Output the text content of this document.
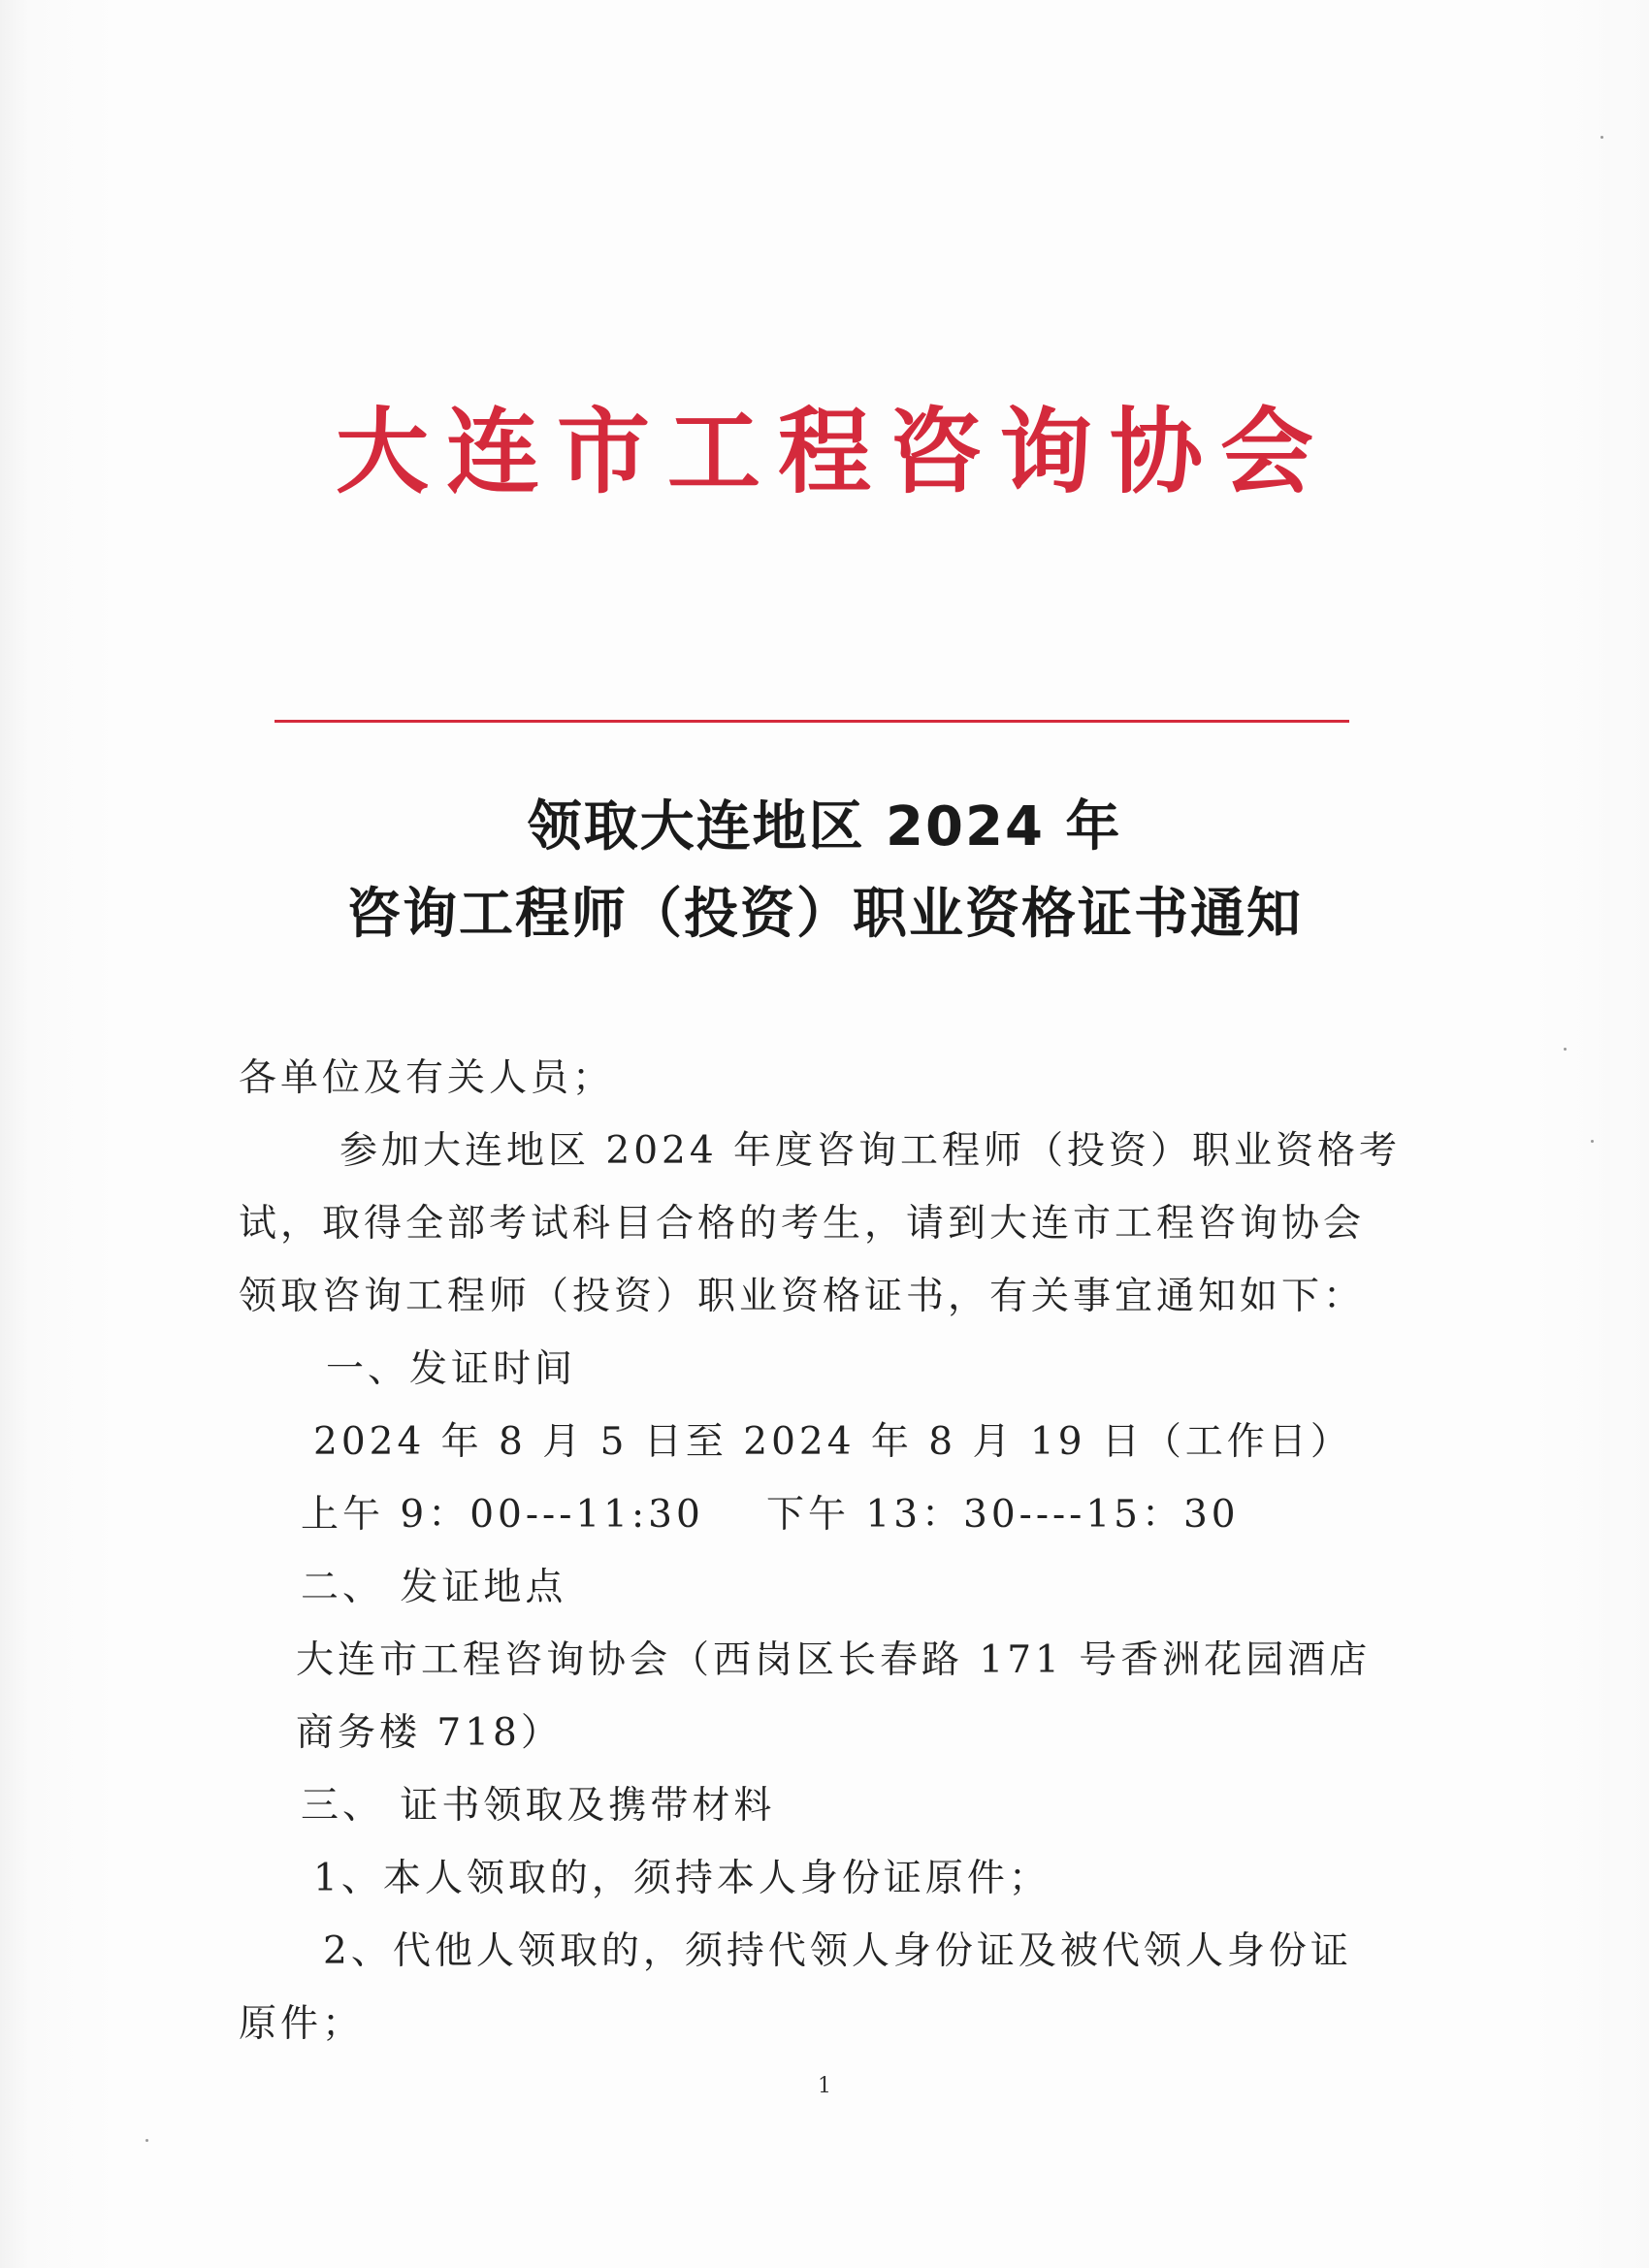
大连市工程咨询协会
领取大连地区 2024 年
咨询工程师（投资）职业资格证书通知
各单位及有关人员；
参加大连地区 2024 年度咨询工程师（投资）职业资格考
试，取得全部考试科目合格的考生，请到大连市工程咨询协会
领取咨询工程师（投资）职业资格证书，有关事宜通知如下：
一、发证时间
2024 年 8 月 5 日至 2024 年 8 月 19 日（工作日）
上午 9：00---11:30 下午 13：30----15：30
二、 发证地点
大连市工程咨询协会（西岗区长春路 171 号香洲花园酒店
商务楼 718）
三、 证书领取及携带材料
1、本人领取的，须持本人身份证原件；
2、代他人领取的，须持代领人身份证及被代领人身份证
原件；
1
